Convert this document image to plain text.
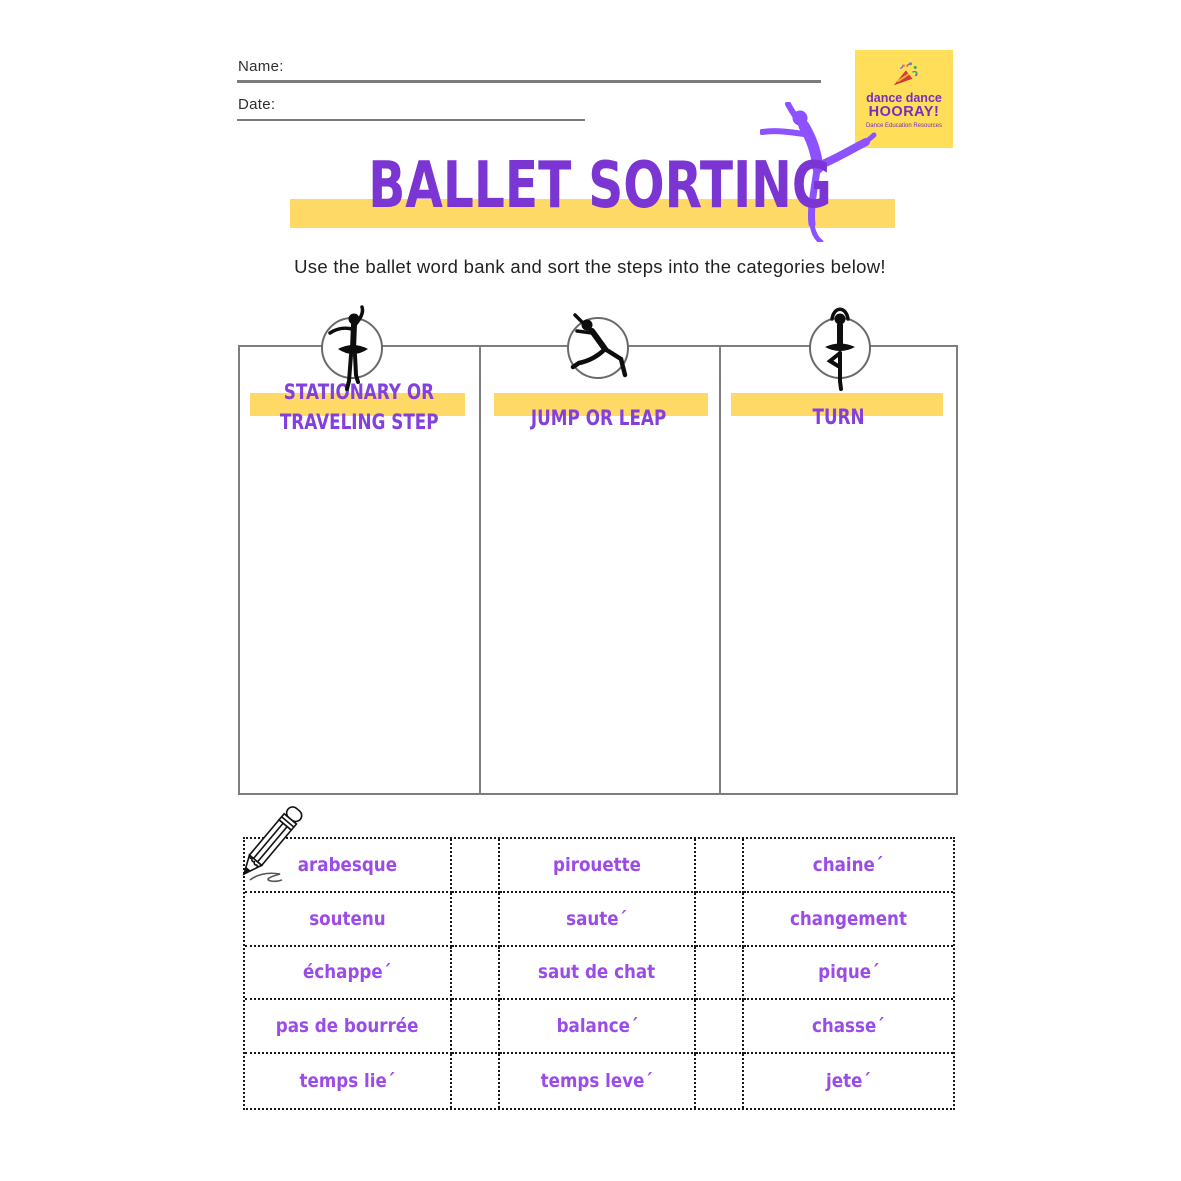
Name:
Date:	dance dance
HOORAY!
Dance Education Resources
BALLET SORTING
Use the ballet word bank and sort the steps into the categories below!
STATIONARY OR
TRAVELING STEP	JUMP OR LEAP	TURN
arabesque	pirouette	chaine´
soutenu	saute´	changement
échappe´	saut de chat	pique´
pas de bourrée	balance´	chasse´
temps lie´	temps leve´	jete´
